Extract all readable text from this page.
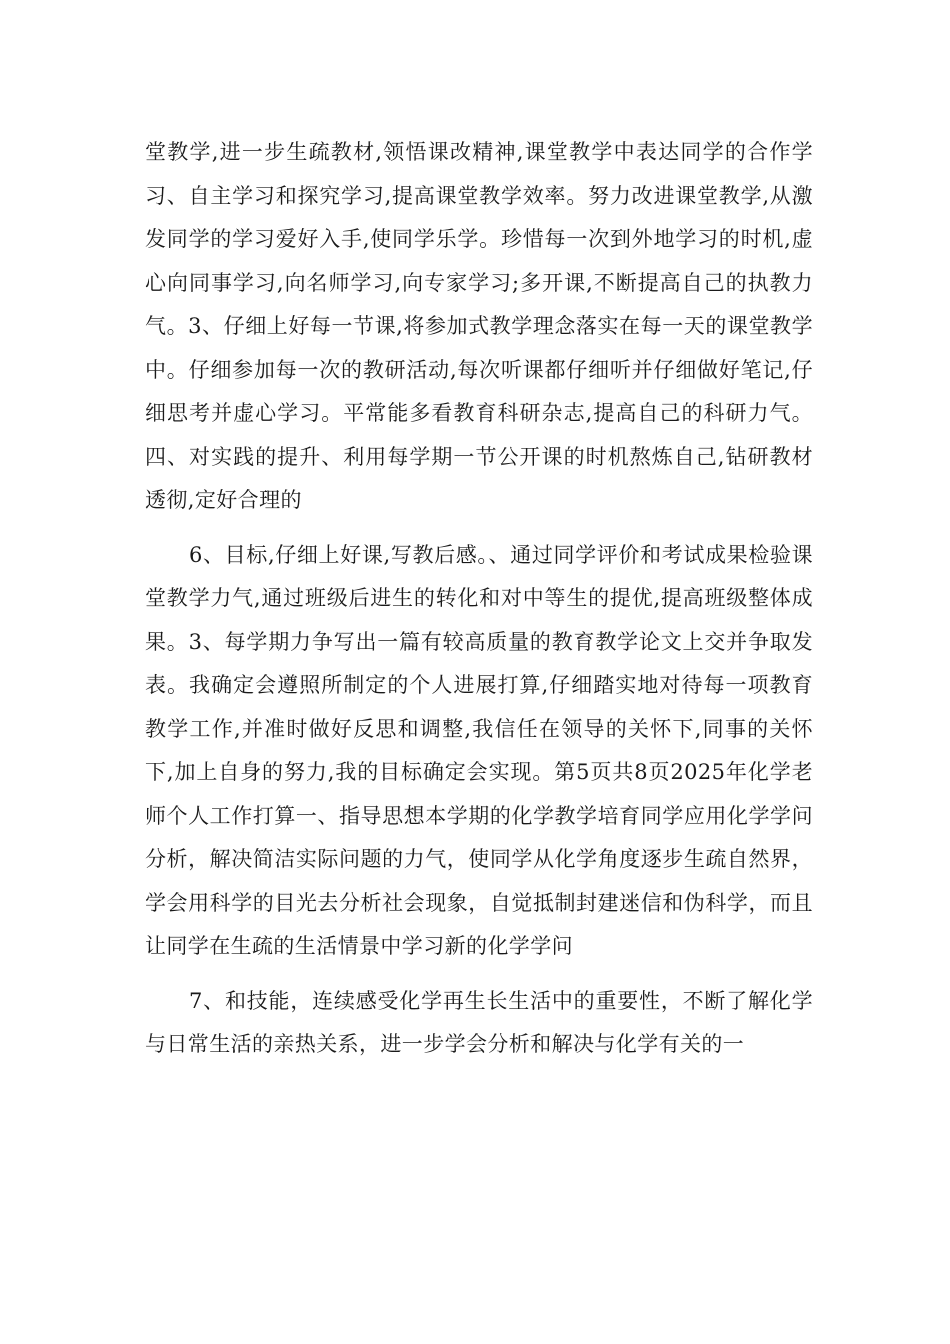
堂教学,进一步生疏教材,领悟课改精神,课堂教学中表达同学的合作学习、自主学习和探究学习,提高课堂教学效率。努力改进课堂教学,从激发同学的学习爱好入手,使同学乐学。珍惜每一次到外地学习的时机,虚心向同事学习,向名师学习,向专家学习;多开课,不断提高自己的执教力气。3、仔细上好每一节课,将参加式教学理念落实在每一天的课堂教学中。仔细参加每一次的教研活动,每次听课都仔细听并仔细做好笔记,仔细思考并虚心学习。平常能多看教育科研杂志,提高自己的科研力气。四、对实践的提升、利用每学期一节公开课的时机熬炼自己,钻研教材透彻,定好合理的

6、目标,仔细上好课,写教后感。、通过同学评价和考试成果检验课堂教学力气,通过班级后进生的转化和对中等生的提优,提高班级整体成果。3、每学期力争写出一篇有较高质量的教育教学论文上交并争取发表。我确定会遵照所制定的个人进展打算,仔细踏实地对待每一项教育教学工作,并准时做好反思和调整,我信任在领导的关怀下,同事的关怀下,加上自身的努力,我的目标确定会实现。第5页共8页2025年化学老师个人工作打算一、指导思想本学期的化学教学培育同学应用化学学问分析，解决简洁实际问题的力气，使同学从化学角度逐步生疏自然界，学会用科学的目光去分析社会现象，自觉抵制封建迷信和伪科学，而且让同学在生疏的生活情景中学习新的化学学问

7、和技能，连续感受化学再生长生活中的重要性，不断了解化学与日常生活的亲热关系，进一步学会分析和解决与化学有关的一
